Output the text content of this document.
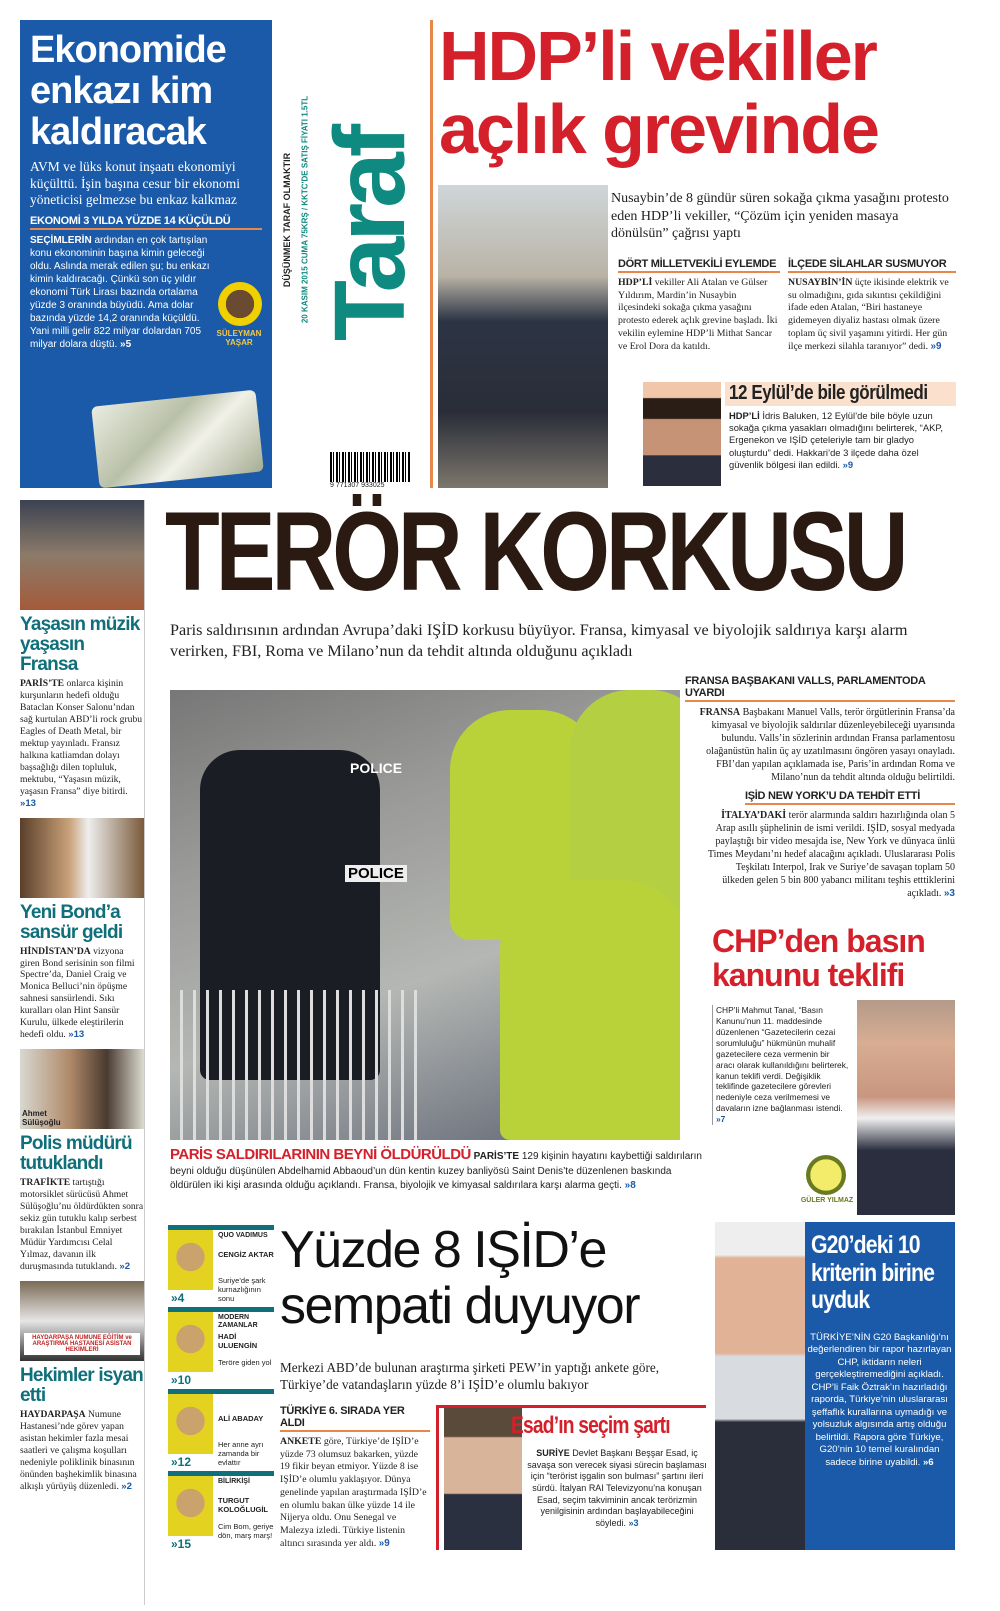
SÜLEYMAN YAŞAR
Ekonomide enkazı kim kaldıracak
AVM ve lüks konut inşaatı ekonomiyi küçülttü. İşin başına cesur bir ekonomi yöneticisi gelmezse bu enkaz kalkmaz
EKONOMİ 3 YILDA YÜZDE 14 KÜÇÜLDÜ
SEÇİMLERİN ardından en çok tartışılan konu ekonominin başına kimin geleceği oldu. Aslında merak edilen şu; bu enkazı kimin kaldıracağı. Çünkü son üç yıldır ekonomi Türk Lirası bazında ortalama yüzde 3 oranında büyüdü. Ama dolar bazında yüzde 14,2 oranında küçüldü. Yani milli gelir 822 milyar dolardan 705 milyar dolara düştü. »5
DÜŞÜNMEK TARAF OLMAKTIR 20 KASIM 2015 CUMA 75KRŞ / KKTC'DE SATIŞ FİYATI 1.5TL Taraf
9 771307 933025
HDP’li vekiller
açlık grevinde
Nusaybin’de 8 gündür süren sokağa çıkma yasağını protesto eden HDP’li vekiller, “Çözüm için yeniden masaya dönülsün” çağrısı yaptı
DÖRT MİLLETVEKİLİ EYLEMDE
HDP’Lİ vekiller Ali Atalan ve Gülser Yıldırım, Mardin’in Nusaybin ilçesindeki sokağa çıkma yasağını protesto ederek açlık grevine başladı. İki vekilin eylemine HDP’li Mithat Sancar ve Erol Dora da katıldı.
İLÇEDE SİLAHLAR SUSMUYOR
NUSAYBİN’İN üçte ikisinde elektrik ve su olmadığını, gıda sıkıntısı çekildiğini ifade eden Atalan, “Biri hastaneye gidemeyen diyaliz hastası olmak üzere toplam üç sivil yaşamını yitirdi. Her gün ilçe merkezi silahla taranıyor” dedi. »9
12 Eylül’de bile görülmedi
HDP’Lİ İdris Baluken, 12 Eylül’de bile böyle uzun sokağa çıkma yasakları olmadığını belirterek, “AKP, Ergenekon ve IŞİD çeteleriyle tam bir gladyo oluşturdu” dedi. Hakkari’de 3 ilçede daha özel güvenlik bölgesi ilan edildi. »9
Yaşasın müzik yaşasın Fransa
PARİS’TE onlarca kişinin kurşunların hedefi olduğu Bataclan Konser Salonu’ndan sağ kurtulan ABD’li rock grubu Eagles of Death Metal, bir mektup yayınladı. Fransız halkına katliamdan dolayı başsağlığı dilen topluluk, mektubu, “Yaşasın müzik, yaşasın Fransa” diye bitirdi. »13
Yeni Bond’a sansür geldi
HİNDİSTAN’DA vizyona giren Bond serisinin son filmi Spectre’da, Daniel Craig ve Monica Belluci’nin öpüşme sahnesi sansürlendi. Sıkı kuralları olan Hint Sansür Kurulu, ülkede eleştirilerin hedefi oldu. »13
Ahmet Sülüşoğlu
Polis müdürü tutuklandı
TRAFİKTE tartıştığı motorsiklet sürücüsü Ahmet Sülüşoğlu’nu öldürdükten sonra sekiz gün tutuklu kalıp serbest bırakılan İstanbul Emniyet Müdür Yardımcısı Celal Yılmaz, davanın ilk duruşmasında tutuklandı. »2
HAYDARPAŞA NUMUNE EĞİTİM ve ARAŞTIRMA HASTANESİ ASİSTAN HEKİMLERİ
Hekimler isyan etti
HAYDARPAŞA Numune Hastanesi’nde görev yapan asistan hekimler fazla mesai saatleri ve çalışma koşulları nedeniyle poliklinik binasının önünden başhekimlik binasına alkışlı yürüyüş düzenledi. »2
TERÖR KORKUSU
Paris saldırısının ardından Avrupa’daki IŞİD korkusu büyüyor. Fransa, kimyasal ve biyolojik saldırıya karşı alarm verirken, FBI, Roma ve Milano’nun da tehdit altında olduğunu açıkladı
POLICE
POLICE
FRANSA BAŞBAKANI VALLS, PARLAMENTODA UYARDI
FRANSA Başbakanı Manuel Valls, terör örgütlerinin Fransa’da kimyasal ve biyolojik saldırılar düzenleyebileceği uyarısında bulundu. Valls’in sözlerinin ardından Fransa parlamentosu olağanüstün halin üç ay uzatılmasını öngören yasayı onayladı. FBI’dan yapılan açıklamada ise, Paris’in ardından Roma ve Milano’nun da tehdit altında olduğu belirtildi.
IŞİD NEW YORK’U DA TEHDİT ETTİ
İTALYA’DAKİ terör alarmında saldırı hazırlığında olan 5 Arap asıllı şüphelinin de ismi verildi. IŞİD, sosyal medyada paylaştığı bir video mesajda ise, New York ve dünyaca ünlü Times Meydanı’nı hedef alacağını açıkladı. Uluslararası Polis Teşkilatı Interpol, Irak ve Suriye’de savaşan toplam 50 ülkeden gelen 5 bin 800 yabancı militanı teşhis etttiklerini açıkladı. »3
PARİS SALDIRILARININ BEYNİ ÖLDÜRÜLDÜ PARİS’TE 129 kişinin hayatını kaybettiği saldırıların beyni olduğu düşünülen Abdelhamid Abbaoud’un dün kentin kuzey banliyösü Saint Denis’te düzenlenen baskında öldürülen iki kişi arasında olduğu açıklandı. Fransa, biyolojik ve kimyasal saldırılara karşı alarma geçti. »8
CHP’den basın kanunu teklifi
CHP’li Mahmut Tanal, “Basın Kanunu’nun 11. maddesinde düzenlenen “Gazetecilerin cezai sorumluluğu” hükmünün muhalif gazetecilere ceza vermenin bir aracı olarak kullanıldığını belirterek, kanun teklifi verdi. Değişiklik teklifinde gazetecilere görevleri nedeniyle ceza verilmemesi ve davaların izne bağlanması istendi. »7
GÜLER YILMAZ
QUO VADIMUS
CENGİZ AKTAR
»4
Suriye’de şark kurnazlığının sonu
MODERN ZAMANLAR
HADİ ULUENGİN
»10
Teröre giden yol
ALİ ABADAY
»12
Her anne ayrı zamanda bir evlattır
BİLİRKİŞİ
TURGUT KOLOĞLUGİL
»15
Cim Bom, geriye dön, marş marş!
Yüzde 8 IŞİD’e sempati duyuyor
Merkezi ABD’de bulunan araştırma şirketi PEW’in yaptığı ankete göre, Türkiye’de vatandaşların yüzde 8’i IŞİD’e olumlu bakıyor
TÜRKİYE 6. SIRADA YER ALDI
ANKETE göre, Türkiye’de IŞİD’e yüzde 73 olumsuz bakarken, yüzde 19 fikir beyan etmiyor. Yüzde 8 ise IŞİD’e olumlu yaklaşıyor. Dünya genelinde yapılan araştırmada IŞİD’e en olumlu bakan ülke yüzde 14 ile Nijerya oldu. Onu Senegal ve Malezya izledi. Türkiye listenin altıncı sırasında yer aldı. »9
Esad’ın seçim şartı
SURİYE Devlet Başkanı Beşşar Esad, iç savaşa son verecek siyasi sürecin başlaması için “terörist işgalin son bulması” şartını ileri sürdü. İtalyan RAI Televizyonu’na konuşan Esad, seçim takviminin ancak terörizmin yenilgisinin ardından başlayabileceğini söyledi. »3
G20’deki 10 kriterin birine uyduk
TÜRKİYE’NİN G20 Başkanlığı’nı değerlendiren bir rapor hazırlayan CHP, iktidarın neleri gerçekleştiremediğini açıkladı. CHP’li Faik Öztrak’ın hazırladığı raporda, Türkiye’nin uluslararası şeffaflık kurallarına uymadığı ve yolsuzluk algısında artış olduğu belirtildi. Rapora göre Türkiye, G20’nin 10 temel kuralından sadece birine uyabildi. »6
